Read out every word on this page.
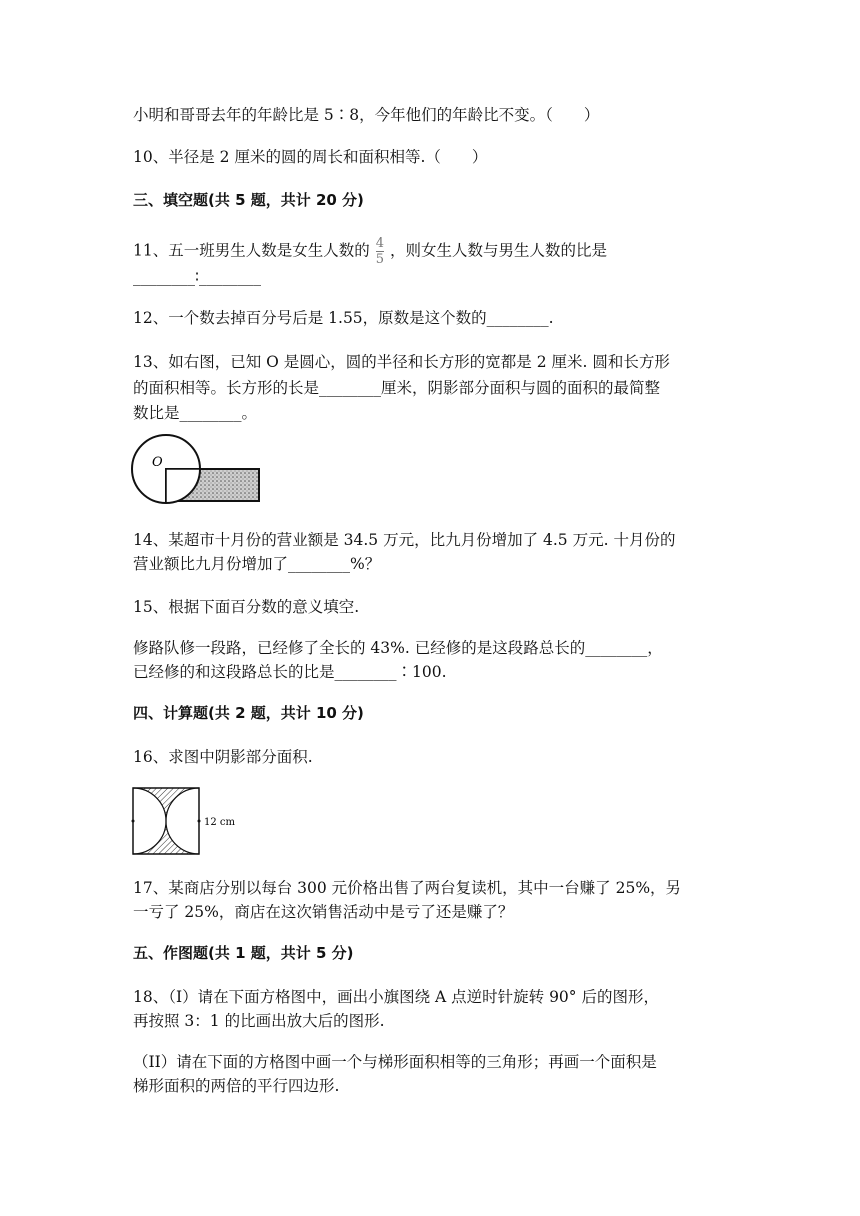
小明和哥哥去年的年龄比是 5∶8，今年他们的年龄比不变。（　　）
10、半径是 2 厘米的圆的周长和面积相等.（　　）
三、填空题(共 5 题，共计 20 分)
11、五一班男生人数是女生人数的 $\frac{4}{5}$ ，则女生人数与男生人数的比是
________∶________
12、一个数去掉百分号后是 1.55，原数是这个数的________.
13、如右图，已知 O 是圆心，圆的半径和长方形的宽都是 2 厘米. 圆和长方形
的面积相等。长方形的长是________厘米，阴影部分面积与圆的面积的最简整
数比是________。
O
14、某超市十月份的营业额是 34.5 万元，比九月份增加了 4.5 万元. 十月份的
营业额比九月份增加了________%？
15、根据下面百分数的意义填空.
修路队修一段路，已经修了全长的 43%. 已经修的是这段路总长的________，
已经修的和这段路总长的比是________∶100.
四、计算题(共 2 题，共计 10 分)
16、求图中阴影部分面积.
12 cm
17、某商店分别以每台 300 元价格出售了两台复读机，其中一台赚了 25%，另
一亏了 25%，商店在这次销售活动中是亏了还是赚了？
五、作图题(共 1 题，共计 5 分)
18、（I）请在下面方格图中，画出小旗图绕 A 点逆时针旋转 90° 后的图形，
再按照 3：1 的比画出放大后的图形.
（II）请在下面的方格图中画一个与梯形面积相等的三角形；再画一个面积是
梯形面积的两倍的平行四边形.
